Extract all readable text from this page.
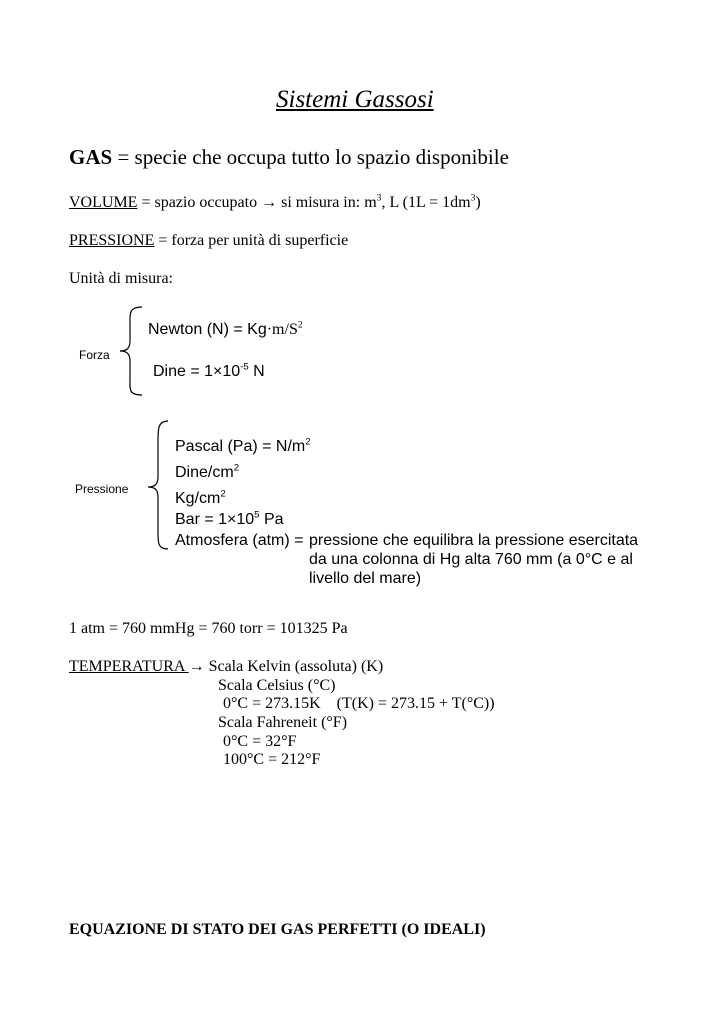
Sistemi Gassosi
GAS = specie che occupa tutto lo spazio disponibile
VOLUME = spazio occupato → si misura in: $m^3$, L $(1L = 1dm^3)$
PRESSIONE = forza per unità di superficie
Unità di misura:
Forza
Newton $(N) = Kg\cdot m/S^2$
Dine = $1\times 10^{-5}$ N
Pressione
Pascal $(Pa) = N/m^2$
Dine/$cm^2$
$Kg/cm^2$
Bar = $1\times 10^5$ Pa
Atmosfera (atm) = pressione che equilibra la pressione esercitata
da una colonna di Hg alta 760 mm (a 0°C e al
livello del mare)
1 atm = 760 mmHg = 760 torr = 101325 Pa
TEMPERATURA → Scala Kelvin (assoluta) (K)
Scala Celsius (°C)
0°C = 273.15K    (T(K) = 273.15 + T(°C))
Scala Fahreneit (°F)
0°C = 32°F
100°C = 212°F
EQUAZIONE DI STATO DEI GAS PERFETTI (O IDEALI)
